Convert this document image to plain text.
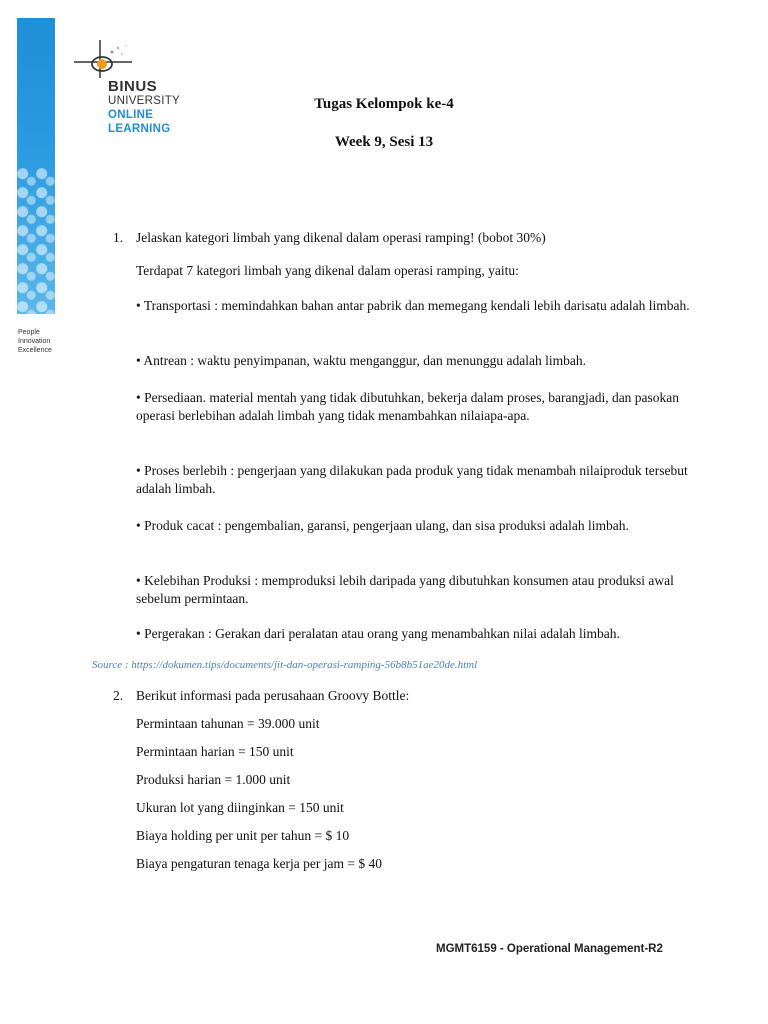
People
Innovation
Excellence
BINUS
UNIVERSITY
ONLINE
LEARNING
Tugas Kelompok ke-4
Week 9, Sesi 13
1. Jelaskan kategori limbah yang dikenal dalam operasi ramping! (bobot 30%)
Terdapat 7 kategori limbah yang dikenal dalam operasi ramping, yaitu:
• Transportasi : memindahkan bahan antar pabrik dan memegang kendali lebih darisatu adalah limbah.
• Antrean : waktu penyimpanan, waktu menganggur, dan menunggu adalah limbah.
• Persediaan. material mentah yang tidak dibutuhkan, bekerja dalam proses, barangjadi, dan pasokan operasi berlebihan adalah limbah yang tidak menambahkan nilaiapa-apa.
• Proses berlebih : pengerjaan yang dilakukan pada produk yang tidak menambah nilaiproduk tersebut adalah limbah.
• Produk cacat : pengembalian, garansi, pengerjaan ulang, dan sisa produksi adalah limbah.
• Kelebihan Produksi : memproduksi lebih daripada yang dibutuhkan konsumen atau produksi awal sebelum permintaan.
• Pergerakan : Gerakan dari peralatan atau orang yang menambahkan nilai adalah limbah.
Source : https://dokumen.tips/documents/jit-dan-operasi-ramping-56b8b51ae20de.html
2. Berikut informasi pada perusahaan Groovy Bottle:
Permintaan tahunan = 39.000 unit
Permintaan harian = 150 unit
Produksi harian = 1.000 unit
Ukuran lot yang diinginkan = 150 unit
Biaya holding per unit per tahun = $ 10
Biaya pengaturan tenaga kerja per jam = $ 40
MGMT6159 - Operational Management-R2
